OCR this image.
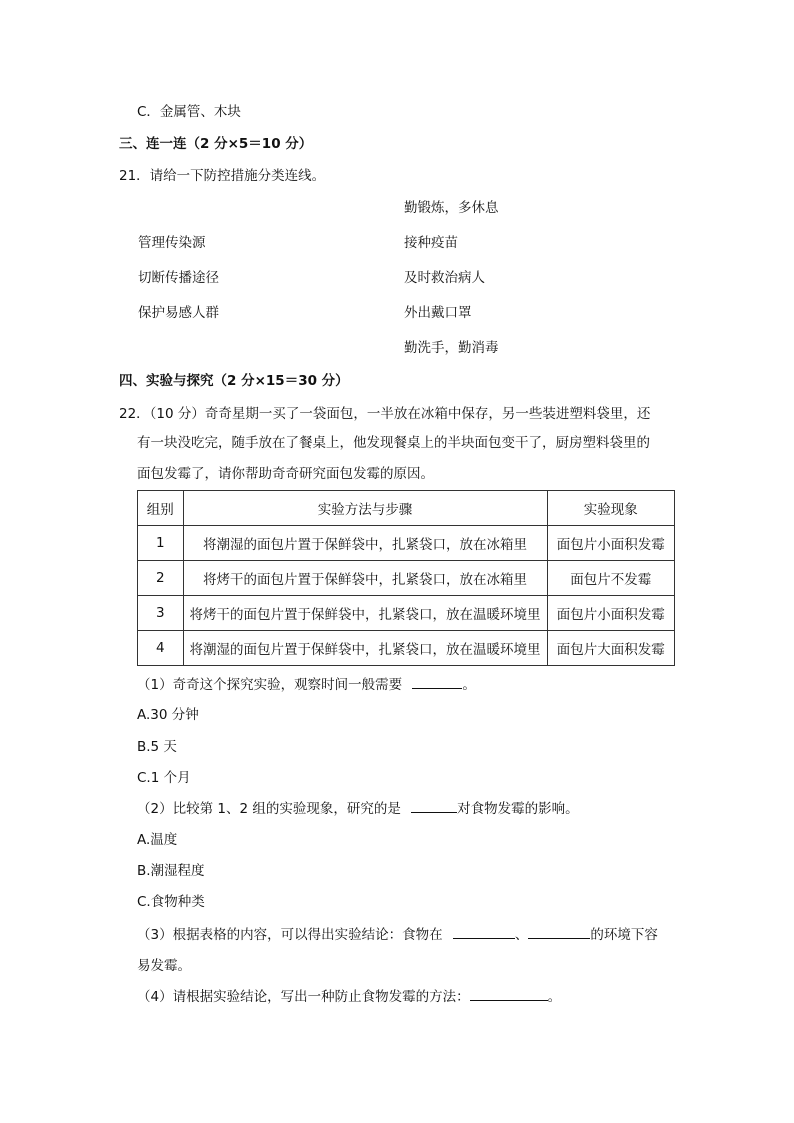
C．金属管、木块
三、连一连（2 分×5＝10 分）
21．请给一下防控措施分类连线。
勤锻炼，多休息
管理传染源	接种疫苗
切断传播途径	及时救治病人
保护易感人群	外出戴口罩
勤洗手，勤消毒
四、实验与探究（2 分×15＝30 分）
22．（10 分）奇奇星期一买了一袋面包，一半放在冰箱中保存，另一些装进塑料袋里，还
有一块没吃完，随手放在了餐桌上，他发现餐桌上的半块面包变干了，厨房塑料袋里的
面包发霉了，请你帮助奇奇研究面包发霉的原因。
组别	实验方法与步骤	实验现象
1	将潮湿的面包片置于保鲜袋中，扎紧袋口，放在冰箱里	面包片小面积发霉
2	将烤干的面包片置于保鲜袋中，扎紧袋口，放在冰箱里	面包片不发霉
3	将烤干的面包片置于保鲜袋中，扎紧袋口，放在温暖环境里	面包片小面积发霉
4	将潮湿的面包片置于保鲜袋中，扎紧袋口，放在温暖环境里	面包片大面积发霉
（1）奇奇这个探究实验，观察时间一般需要	。
A.30 分钟
B.5 天
C.1 个月
（2）比较第 1、2 组的实验现象，研究的是	对食物发霉的影响。
A.温度
B.潮湿程度
C.食物种类
（3）根据表格的内容，可以得出实验结论：食物在	、	的环境下容
易发霉。
（4）请根据实验结论，写出一种防止食物发霉的方法：	。
